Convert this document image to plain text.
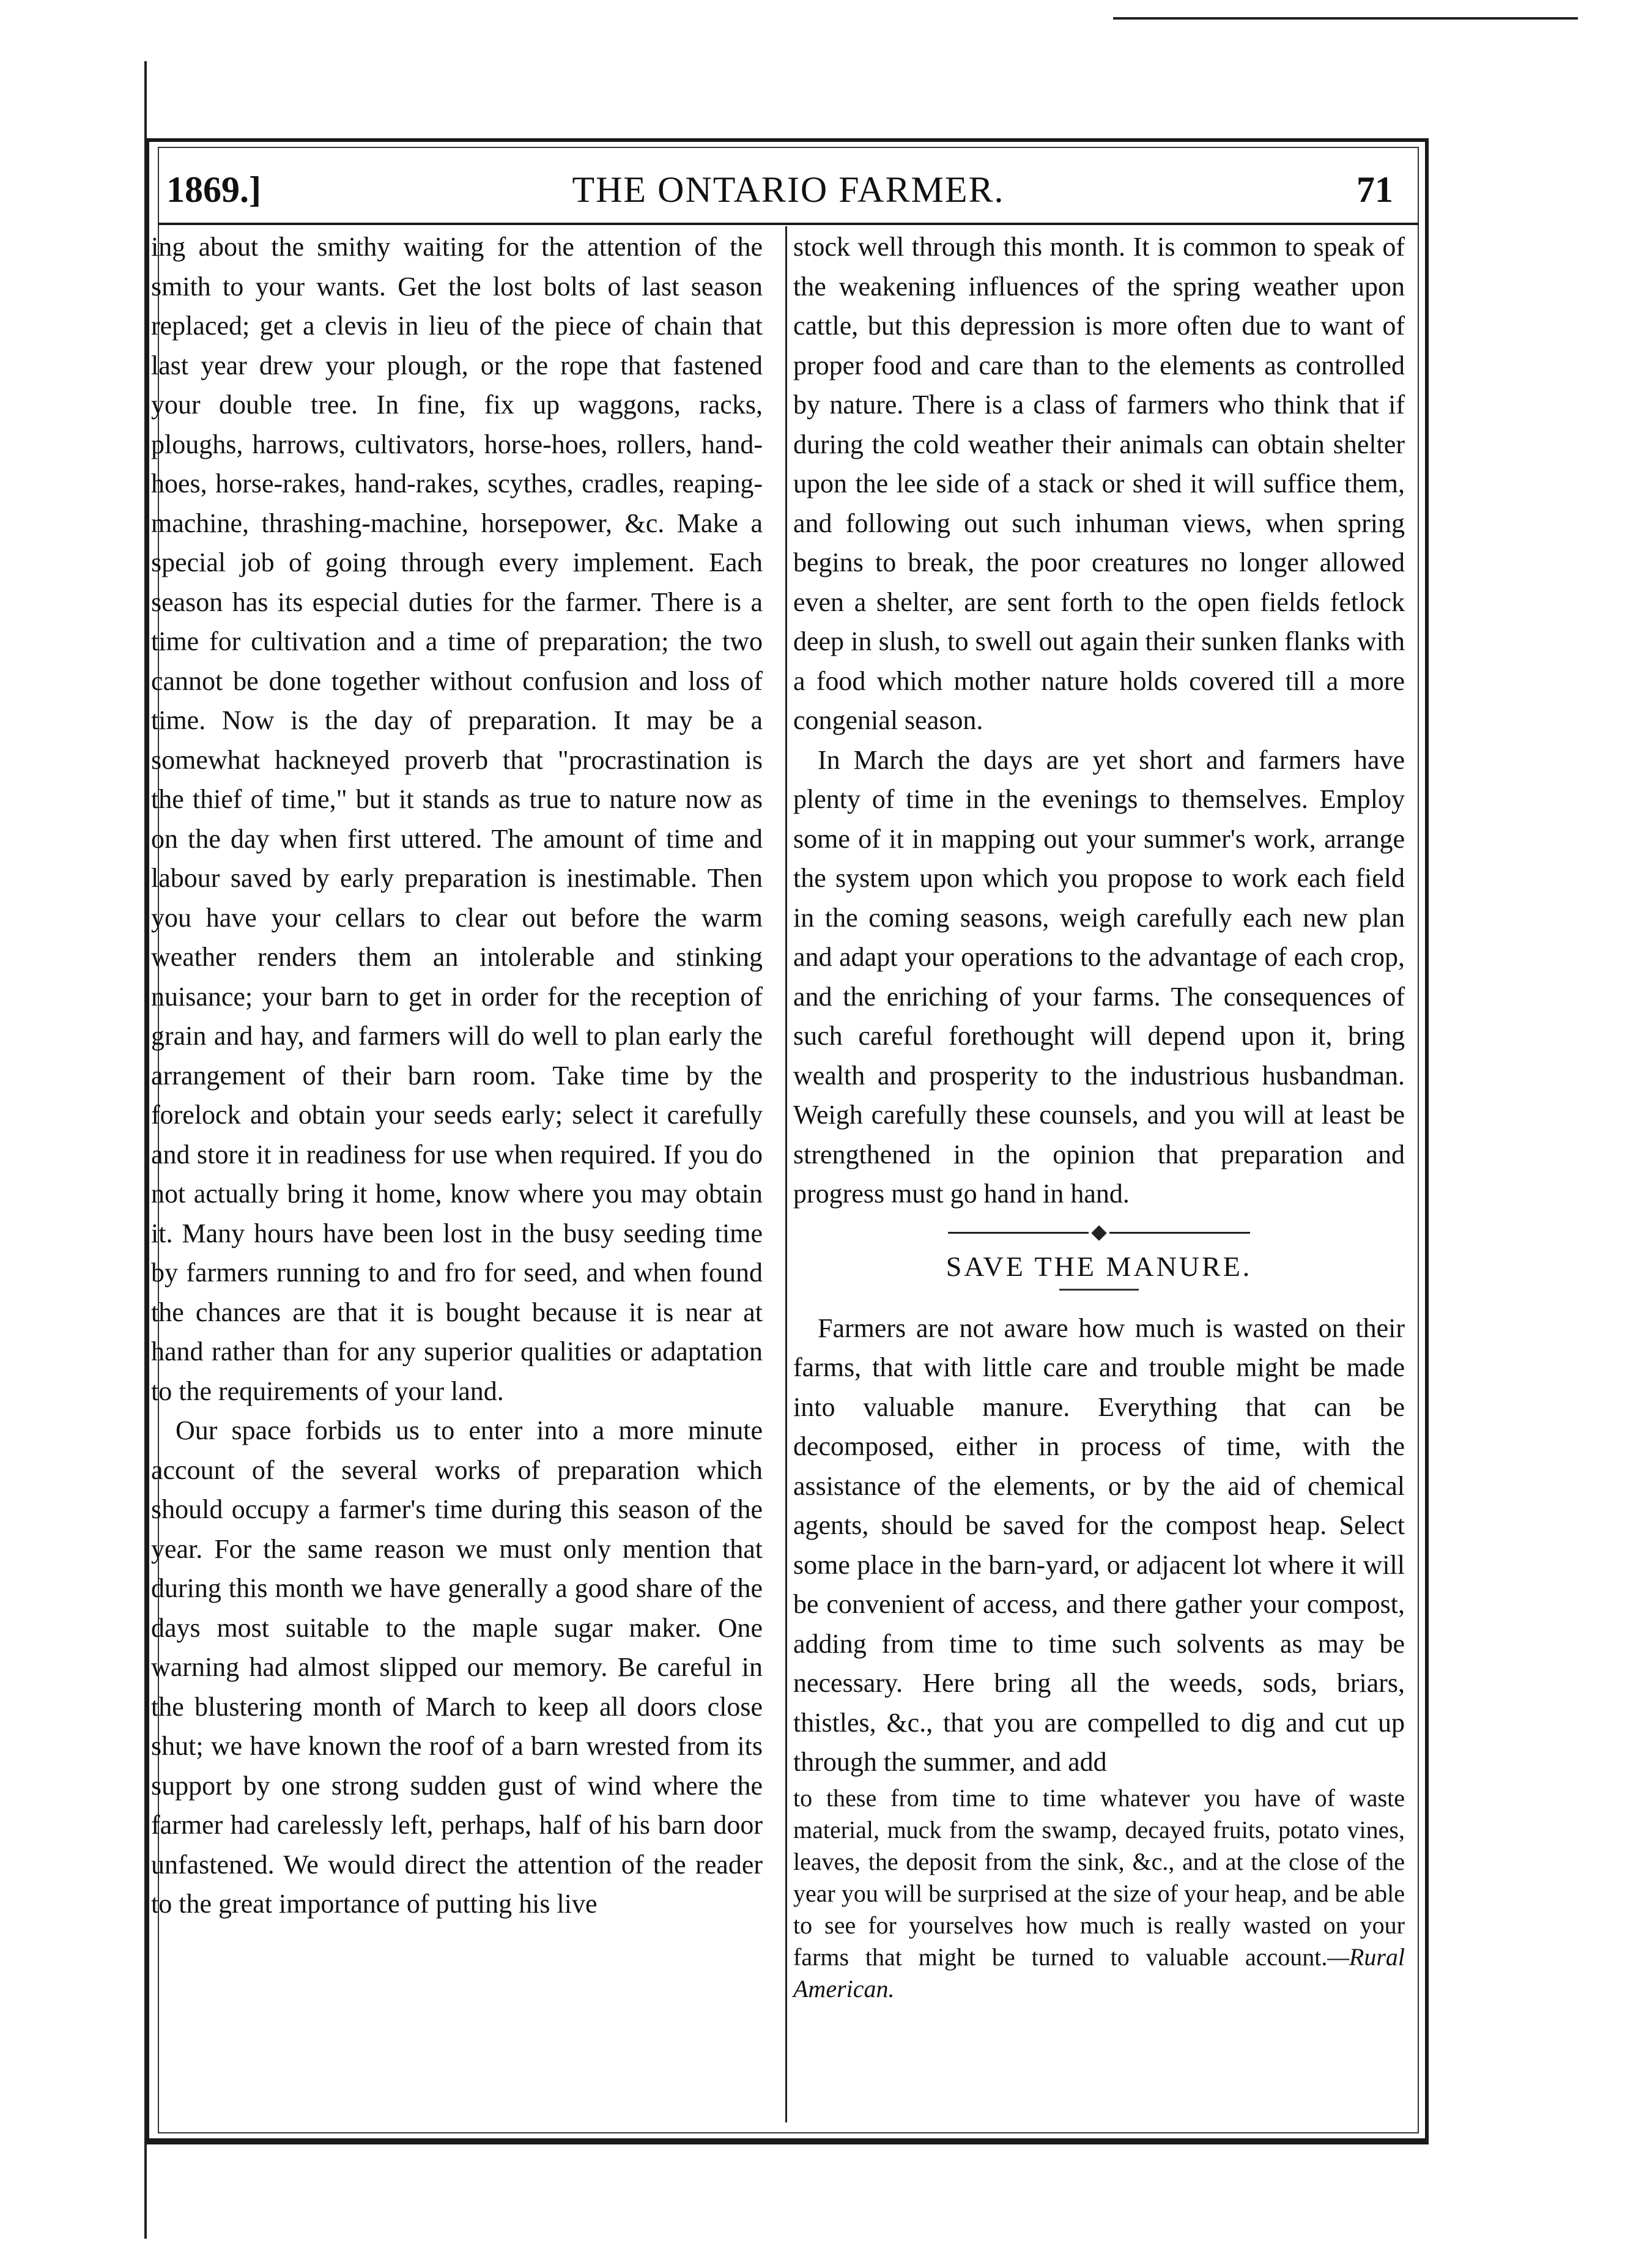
1869.]	THE ONTARIO FARMER.	71

ing about the smithy waiting for the attention of the smith to your wants. Get the lost bolts of last season replaced; get a clevis in lieu of the piece of chain that last year drew your plough, or the rope that fastened your double tree. In fine, fix up waggons, racks, ploughs, harrows, cultivators, horse-hoes, rollers, hand-hoes, horse-rakes, hand-rakes, scythes, cradles, reaping-machine, thrashing-machine, horsepower, &c. Make a special job of going through every implement. Each season has its especial duties for the farmer. There is a time for cultivation and a time of preparation; the two cannot be done together without confusion and loss of time. Now is the day of preparation. It may be a somewhat hackneyed proverb that "procrastination is the thief of time," but it stands as true to nature now as on the day when first uttered. The amount of time and labour saved by early preparation is inestimable. Then you have your cellars to clear out before the warm weather renders them an intolerable and stinking nuisance; your barn to get in order for the reception of grain and hay, and farmers will do well to plan early the arrangement of their barn room. Take time by the forelock and obtain your seeds early; select it carefully and store it in readiness for use when required. If you do not actually bring it home, know where you may obtain it. Many hours have been lost in the busy seeding time by farmers running to and fro for seed, and when found the chances are that it is bought because it is near at hand rather than for any superior qualities or adaptation to the requirements of your land.

Our space forbids us to enter into a more minute account of the several works of preparation which should occupy a farmer's time during this season of the year. For the same reason we must only mention that during this month we have generally a good share of the days most suitable to the maple sugar maker. One warning had almost slipped our memory. Be careful in the blustering month of March to keep all doors close shut; we have known the roof of a barn wrested from its support by one strong sudden gust of wind where the farmer had carelessly left, perhaps, half of his barn door unfastened. We would direct the attention of the reader to the great importance of putting his live

stock well through this month. It is common to speak of the weakening influences of the spring weather upon cattle, but this depression is more often due to want of proper food and care than to the elements as controlled by nature. There is a class of farmers who think that if during the cold weather their animals can obtain shelter upon the lee side of a stack or shed it will suffice them, and following out such inhuman views, when spring begins to break, the poor creatures no longer allowed even a shelter, are sent forth to the open fields fetlock deep in slush, to swell out again their sunken flanks with a food which mother nature holds covered till a more congenial season.

In March the days are yet short and farmers have plenty of time in the evenings to themselves. Employ some of it in mapping out your summer's work, arrange the system upon which you propose to work each field in the coming seasons, weigh carefully each new plan and adapt your operations to the advantage of each crop, and the enriching of your farms. The consequences of such careful forethought will depend upon it, bring wealth and prosperity to the industrious husbandman. Weigh carefully these counsels, and you will at least be strengthened in the opinion that preparation and progress must go hand in hand.

SAVE THE MANURE.

Farmers are not aware how much is wasted on their farms, that with little care and trouble might be made into valuable manure. Everything that can be decomposed, either in process of time, with the assistance of the elements, or by the aid of chemical agents, should be saved for the compost heap. Select some place in the barn-yard, or adjacent lot where it will be convenient of access, and there gather your compost, adding from time to time such solvents as may be necessary. Here bring all the weeds, sods, briars, thistles, &c., that you are compelled to dig and cut up through the summer, and add

to these from time to time whatever you have of waste material, muck from the swamp, decayed fruits, potato vines, leaves, the deposit from the sink, &c., and at the close of the year you will be surprised at the size of your heap, and be able to see for yourselves how much is really wasted on your farms that might be turned to valuable account.—Rural American.
